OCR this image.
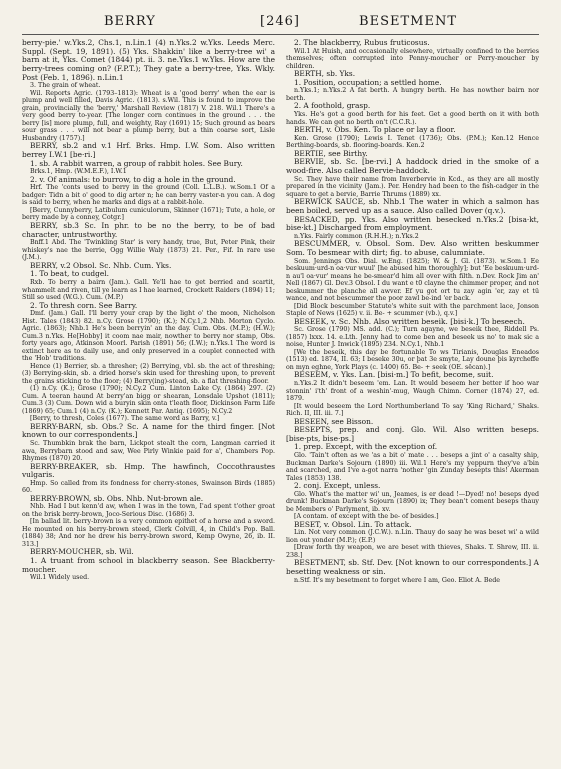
BERRY	[246]	BESETMENT

berry-pie.' w.Yks.2, Chs.1, n.Lin.1 (4) n.Yks.2 w.Yks. Leeds Merc. Suppl. (Sept. 19, 1891). (5) Yks. Shakkin' like a berry-tree wi' a barn at it, Yks. Comet (1844) pt. ii. 3. ne.Yks.1 w.Yks. How are the berry-trees coming on? (F.P.T.); They gate a berry-tree, Yks. Wkly. Post (Feb. 1, 1896). n.Lin.1

3. The grain of wheat.

Wil. Reports Agric. (1793–1813): Wheat is a 'good berry' when the ear is plump and well filled, Davis Agric. (1813). s.Wil. This is found to improve the grain, provincially the 'berry,' Marshall Review (1817) V. 218. Wil.1 There's a very good berry to-year. [The longer corn continues in the ground . . . the berry [is] more plump, full, and weighty, Ray (1691) 15; Such ground as bears sour grass . . . will not bear a plump berry, but a thin coarse sort, Lisle Husbandry (1757).]

BERRY, sb.2 and v.1 Hrf. Brks. Hmp. I.W. Som. Also written berrey I.W.1 [be·ri.]

1. sb. A rabbit warren, a group of rabbit holes. See Bury.

Brks.1, Hmp. (W.M.E.F.), I.W.1

2. v. Of animals: to burrow, to dig a hole in the ground.

Hrf. The 'conts used to berry in the ground (Coll. L.L.B.). w.Som.1 Of a badger: Tidn a bit o' good to dig arter n; he can berry vaster-n you can. A dog is said to berry, when he marks and digs at a rabbit-hole.

[Berry, Cunnyberry, Latibulum cuniculorum, Skinner (1671); Tute, a hole, or berry made by a conney, Cotgr.]

BERRY, sb.3 Sc. In phr. to be no the berry, to be of bad character, untrustworthy.

Bnff.1 Abd. The 'Twinkling Star' is very handy, true, But, Peter Pink, their whiskey's nae the berrie, Ogg Willie Waly (1873) 21. Per., Fif. In rare use (J.M.).

BERRY, v.2 Obsol. Sc. Nhb. Cum. Yks.

1. To beat, to cudgel.

Rxb. To berry a bairn (Jam.). Gall. Ye'll hae to get berried and scartit, whammelt and riven, till ye learn as I hae learned, Crockett Raiders (1894) 11; Still so used (W.G.). Cum. (M.P.)

2. To thresh corn. See Barry.

Dmf. (Jam.) Gall. I'll berry your crap by the light o' the moon, Nicholson Hist. Tales (1843) 82. n.Cy. Grose (1790); (K.); N.Cy.1,2 Nhb. Morton Cyclo. Agric. (1863); Nhb.1 He's been berryin' an the day. Cum. Obs. (M.P.); (H.W.); Cum.3 n.Yks. He[Hobby] it coom nae mair, nowther to berry nor stamp, Obs. forty years ago, Atkinson Moorl. Parish (1891) 56; (I.W.); n.Yks.1 The word is extinct here as to daily use, and only preserved in a couplet connected with the 'Hob' traditions.

Hence (1) Berrier, sb. a thresher; (2) Berrying, vbl. sb. the act of threshing; (3) Berrying-skin, sb. a dried horse's skin used for threshing upon, to prevent the grains sticking to the floor; (4) Berry(ing)-stead, sb. a flat threshing-floor.

(1) n.Cy. (K.); Grose (1790); N.Cy.2 Cum. Linton Lake Cy. (1864) 297. (2) Cum. A teeran haund At berry'an bigg or shearan, Lonsdale Upshot (1811); Cum.3 (3) Cum. Down wid a buryin skin onta t'leath floor, Dickinson Farm Life (1869) 65; Cum.1 (4) n.Cy. (K.); Kennett Par. Antiq. (1695); N.Cy.2

[Berry, to thresh, Coles (1677). The same word as Barry, v.]

BERRY-BARN, sb. Obs.? Sc. A name for the third finger. [Not known to our correspondents.]

Sc. Thumbkin brak the barn, Lickpot stealt the corn, Langman carried it awa, Berrybarn stood and saw, Wee Pirly Winkie paid for a', Chambers Pop. Rhymes (1870) 20.

BERRY-BREAKER, sb. Hmp. The hawfinch, Coccothraustes vulgaris.

Hmp. So called from its fondness for cherry-stones, Swainson Birds (1885) 60.

BERRY-BROWN, sb. Obs. Nhb. Nut-brown ale.

Nhb. Had I but kenn'd aw, when I was in the town, I'ad spent t'other groat on the brisk berry-brown, Joco-Serious Disc. (1686) 3.

[In ballad lit. berry-brown is a very common epithet of a horse and a sword. He mounted on his berry-brown steed, Clerk Colvill, 4, in Child's Pop. Ball. (1884) 38; And nor he drew his berry-brown sword, Kemp Owyne, 26, ib. II. 313.]

BERRY-MOUCHER, sb. Wil.

1. A truant from school in blackberry season. See Blackberry-moucher.

Wil.1 Widely used.

2. The blackberry, Rubus fruticosus.

Wil.1 At Huish, and occasionally elsewhere, virtually confined to the berries themselves; often corrupted into Penny-moucher or Perry-moucher by children.

BERTH, sb. Yks.

1. Position, occupation; a settled home.

n.Yks.1; n.Yks.2 A fat berth. A hungry berth. He has nowther bairn nor berth.

2. A foothold, grasp.

Yks. He's got a good berth for his feet. Get a good berth on it with both hands. We can get no berth on't (C.C.R.).

BERTH, v. Obs. Ken. To place or lay a floor.

Ken. Grose (1790); Lewis I. Tenet (1736); Obs. (P.M.); Ken.12 Hence Berthing-boards, sb. flooring-boards. Ken.2

BERTIE, see Birthy.

BERVIE, sb. Sc. [be·rvi.] A haddock dried in the smoke of a wood-fire. Also called Bervie-haddock.

Sc. They have their name from Inverbervie in Kcd., as they are all mostly prepared in the vicinity (Jam.). Per. Hendry had been to the fish-cadger in the square to get a bervie, Barrie Thrums (1889) xx.

BERWICK SAUCE, sb. Nhb.1 The water in which a salmon has been boiled, served up as a sauce. Also called Dover (q.v.).

BESACKED, pp. Yks. Also written besecked n.Yks.2 [bisa·kt, bise·kt.] Discharged from employment.

n.Yks. Fairly common (R.H.H.); n.Yks.2

BESCUMMER, v. Obsol. Som. Dev. Also written beskummer Som. To besmear with dirt; fig. to abuse, calumniate.

Som. Jennings Obs. Dial. w.Eng. (1825); W. & J. Gl. (1873). w.Som.1 Ee beskuum·urd-n oa·vur wuul' [he abused him thoroughly]; but 'Ee beskuum·urd-n au'l oa·vur' means he be-smear'd him all over with filth. n.Dev. Rock Jim an' Nell (1867) Gl. Dev.3 Obsol. I du want e t0 clayne the chimmer proper, and not beskummer the planche all awver. Ef yu got ort tu zay agin 'er, zay et tü wance, and not bescummer the poor zawl be-ind 'er back.

[Did Block bescumber Statute's white suit with the parchment lace, Jonson Staple of News (1625) v. ii. Be- + scummer (vb.), q.v.]

BESEEK, v. Sc. Nhb. Also written beseik. [bisi·k.] To beseech.

Sc. Grose (1790) MS. add. (C.); Turn agayne, we beseik thee, Riddell Ps. (1857) lxxx. 14. e.Lth. Jenny had to come ben and beseek us no' to mak sic a noise, Hunter J. Inwick (1895) 234. N.Cy.1, Nhb.1

[We the beseik, this day be fortunable To ws Tirianis, Douglas Eneados (1513) ed. 1874, II. 63; I beseke 30u, or þat 3e smyte, Lay doune þis kyrcheffe on myn eghne, York Plays (c. 1400) 65. Be- + seek (OE. sēcan).]

BESEEM, v. Yks. Lan. [bisi·m.] To befit, become, suit.

n.Yks.2 It didn't beseem 'em. Lan. It would beseem her better if hoo war stonnin' i'th' front of a weshin'-mug, Waugh Chimn. Corner (1874) 27, ed. 1879.

[It would beseem the Lord Northumberland To say 'King Richard,' Shaks. Rich. II, III. iii. 7.]

BESEEN, see Bisson.

BESEPTS, prep. and conj. Glo. Wil. Also written beseps. [bise·pts, bise·ps.]

1. prep. Except, with the exception of.

Glo. 'Tain't often as we 'as a bit o' mate . . . beseps a jint o' a casalty ship, Buckman Darke's Sojourn (1890) iii. Wil.1 Here's my yeppurn they've a'bin and scarched, and I've a-got narra 'nother 'gin Zunday besepts this! Akerman Tales (1853) 138.

2. conj. Except, unless.

Glo. What's the matter wi' un, Jeames, is er dead !—Dyed! no! beseps dyed drunk! Buckman Darke's Sojourn (1890) ix; They bean't coment beseps thauy be Members o' Parlyment, ib. xv.

[A contam. of except with the be- of besides.]

BESET, v. Obsol. Lin. To attack.

Lin. Not very common (J.C.W.). n.Lin. Thauy do saay he was beset wi' a wild lion out yonder (M.P.); (E.P.)

[Draw forth thy weapon, we are beset with thieves, Shaks. T. Shrew, III. ii. 238.]

BESETMENT, sb. Stf. Dev. [Not known to our correspondents.] A besetting weakness or sin.

n.Stf. It's my besetment to forget where I am, Geo. Eliot A. Bede
